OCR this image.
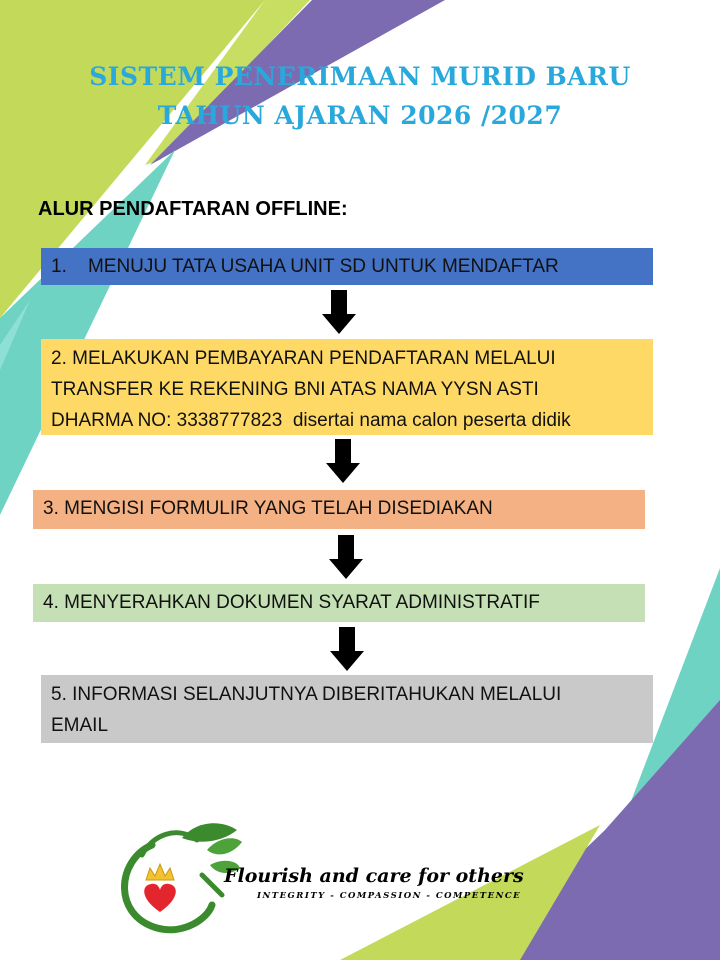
SISTEM PENERIMAAN MURID BARU
TAHUN AJARAN 2026 /2027
ALUR PENDAFTARAN OFFLINE:
1.    MENUJU TATA USAHA UNIT SD UNTUK MENDAFTAR
2. MELAKUKAN PEMBAYARAN PENDAFTARAN MELALUI
TRANSFER KE REKENING BNI ATAS NAMA YYSN ASTI
DHARMA NO: 3338777823  disertai nama calon peserta didik
3. MENGISI FORMULIR YANG TELAH DISEDIAKAN
4. MENYERAHKAN DOKUMEN SYARAT ADMINISTRATIF
5. INFORMASI SELANJUTNYA DIBERITAHUKAN MELALUI
EMAIL
Flourish and care for others
INTEGRITY - COMPASSION - COMPETENCE
